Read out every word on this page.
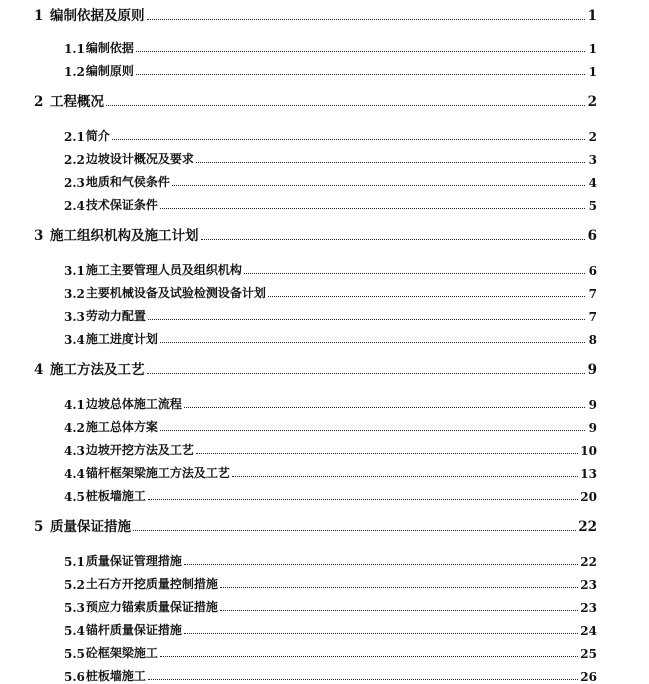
1 编制依据及原则	1
1.1 编制依据	1
1.2 编制原则	1
2 工程概况	2
2.1 简介	2
2.2 边坡设计概况及要求	3
2.3 地质和气侯条件	4
2.4 技术保证条件	5
3 施工组织机构及施工计划	6
3.1 施工主要管理人员及组织机构	6
3.2 主要机械设备及试验检测设备计划	7
3.3 劳动力配置	7
3.4 施工进度计划	8
4 施工方法及工艺	9
4.1 边坡总体施工流程	9
4.2 施工总体方案	9
4.3 边坡开挖方法及工艺	10
4.4 锚杆框架梁施工方法及工艺	13
4.5 桩板墙施工	20
5 质量保证措施	22
5.1 质量保证管理措施	22
5.2 土石方开挖质量控制措施	23
5.3 预应力锚索质量保证措施	23
5.4 锚杆质量保证措施	24
5.5 砼框架梁施工	25
5.6 桩板墙施工	26
